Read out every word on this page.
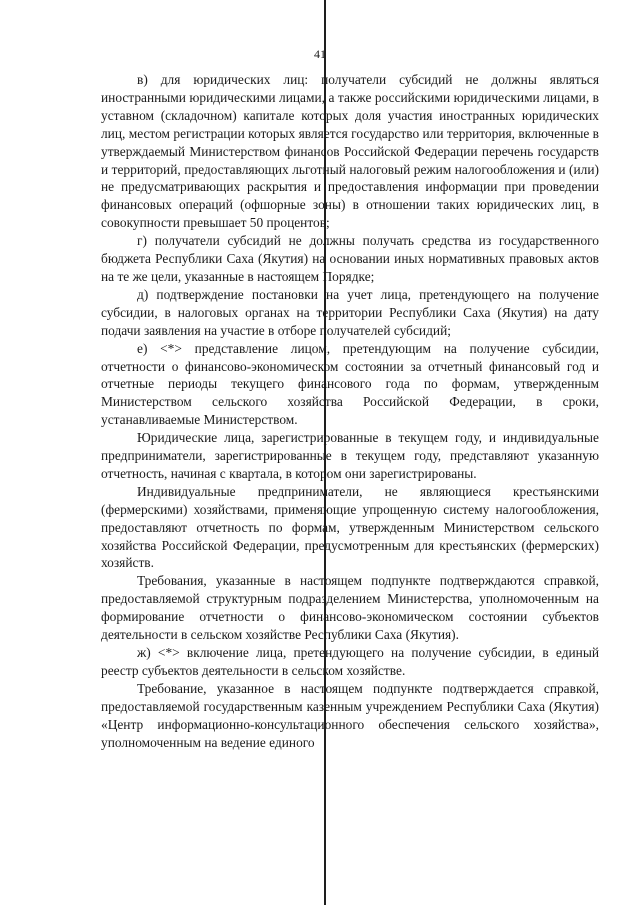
41

в) для юридических лиц: получатели субсидий не должны являться иностранными юридическими лицами, а также российскими юридическими лицами, в уставном (складочном) капитале которых доля участия иностранных юридических лиц, местом регистрации которых является государство или территория, включенные в утверждаемый Министерством финансов Российской Федерации перечень государств и территорий, предоставляющих льготный налоговый режим налогообложения и (или) не предусматривающих раскрытия и предоставления информации при проведении финансовых операций (офшорные зоны) в отношении таких юридических лиц, в совокупности превышает 50 процентов;

г) получатели субсидий не должны получать средства из государственного бюджета Республики Саха (Якутия) на основании иных нормативных правовых актов на те же цели, указанные в настоящем Порядке;

д) подтверждение постановки на учет лица, претендующего на получение субсидии, в налоговых органах на территории Республики Саха (Якутия) на дату подачи заявления на участие в отборе получателей субсидий;

е) <*> представление лицом, претендующим на получение субсидии, отчетности о финансово-экономическом состоянии за отчетный финансовый год и отчетные периоды текущего финансового года по формам, утвержденным Министерством сельского хозяйства Российской Федерации, в сроки, устанавливаемые Министерством.

Юридические лица, зарегистрированные в текущем году, и индивидуальные предприниматели, зарегистрированные в текущем году, представляют указанную отчетность, начиная с квартала, в котором они зарегистрированы.

Индивидуальные предприниматели, не являющиеся крестьянскими (фермерскими) хозяйствами, применяющие упрощенную систему налогообложения, предоставляют отчетность по формам, утвержденным Министерством сельского хозяйства Российской Федерации, предусмотренным для крестьянских (фермерских) хозяйств.

Требования, указанные в настоящем подпункте подтверждаются справкой, предоставляемой структурным подразделением Министерства, уполномоченным на формирование отчетности о финансово-экономическом состоянии субъектов деятельности в сельском хозяйстве Республики Саха (Якутия).

ж) <*> включение лица, претендующего на получение субсидии, в единый реестр субъектов деятельности в сельском хозяйстве.

Требование, указанное в настоящем подпункте подтверждается справкой, предоставляемой государственным казенным учреждением Республики Саха (Якутия) «Центр информационно-консультационного обеспечения сельского хозяйства», уполномоченным на ведение единого
